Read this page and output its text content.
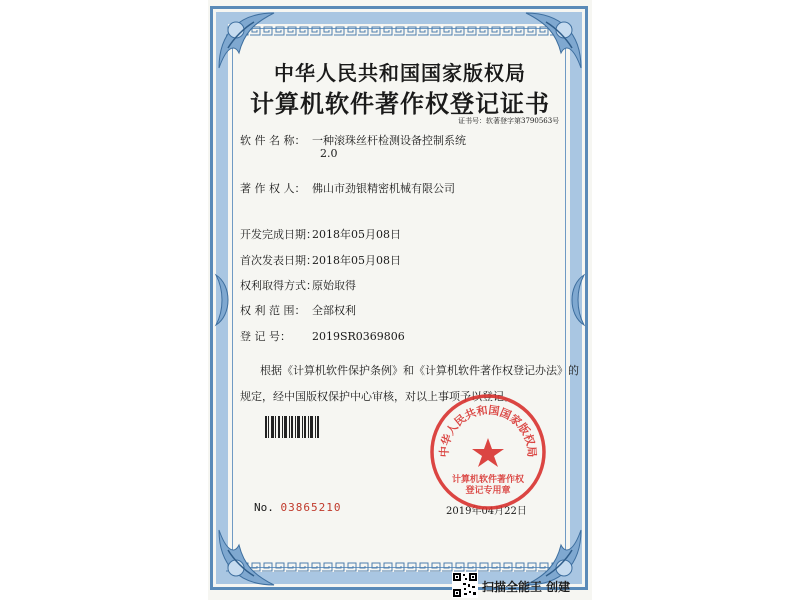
中华人民共和国国家版权局
计算机软件著作权登记证书
证书号：软著登字第3790563号
软 件 名 称： 一种滚珠丝杆检测设备控制系统
2.0
著 作 权 人： 佛山市劲银精密机械有限公司
开发完成日期：2018年05月08日
首次发表日期：2018年05月08日
权利取得方式：原始取得
权 利 范 围： 全部权利
登 记 号： 2019SR0369806
根据《计算机软件保护条例》和《计算机软件著作权登记办法》的
规定，经中国版权保护中心审核，对以上事项予以登记。
No. 03865210	2019年04月22日
中华人民共和国国家版权局
计算机软件著作权
登记专用章
扫描全能王 创建
